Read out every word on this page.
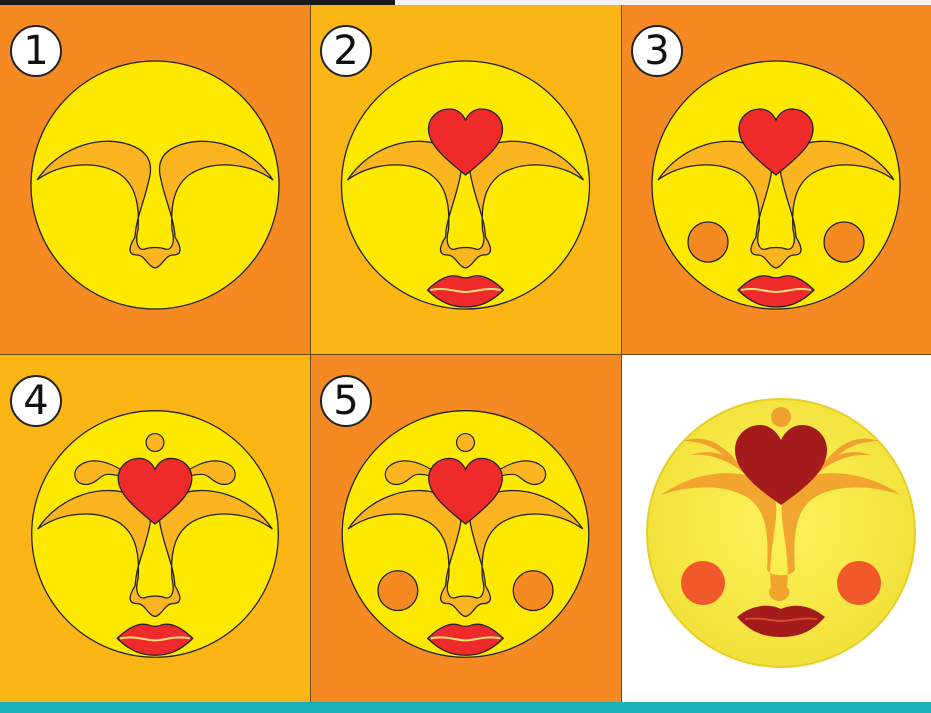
1	2	3
4	5
